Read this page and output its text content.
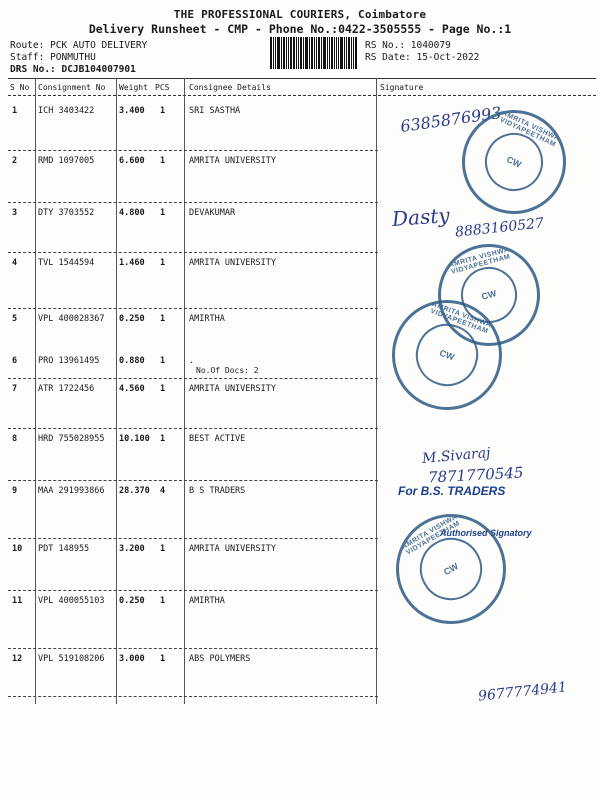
THE PROFESSIONAL COURIERS, Coimbatore
Delivery Runsheet - CMP - Phone No.:0422-3505555 - Page No.:1
Route: PCK AUTO DELIVERY
Staff: PONMUTHU
DRS No.: DCJB104007901
RS No.: 1040079
RS Date: 15-Oct-2022
S No Consignment No Weight PCS Consignee Details	Signature
1 ICH 3403422	3.400 1	SRI SASTHA
2 RMD 1097005	6.600 1	AMRITA UNIVERSITY
3 DTY 3703552	4.800 1	DEVAKUMAR
4 TVL 1544594	1.460 1	AMRITA UNIVERSITY
5 VPL 400028367 0.250 1	AMIRTHA
6 PRO 13961495 0.880 1	.
7 ATR 1722456	4.560 1	AMRITA UNIVERSITY
8 HRD 755028955 10.100 1	BEST ACTIVE
9 MAA 291993866 28.370 4	B S TRADERS
10 PDT 148955	3.200 1	AMRITA UNIVERSITY
11 VPL 400055103 0.250 1	AMIRTHA
12 VPL 519108206 3.000 1	ABS POLYMERS
No.Of Docs: 2
6385876993
Dasty 8883160527
M.Sivaraj
7871770545
9677774941
For B.S. TRADERS
Authorised Signatory
AMRITA VISHWA VIDYAPEETHAM
CW
AMRITA VISHWA VIDYAPEETHAM
CW
AMRITA VISHWA VIDYAPEETHAM
CW
AMRITA VISHWA VIDYAPEETHAM
CW
